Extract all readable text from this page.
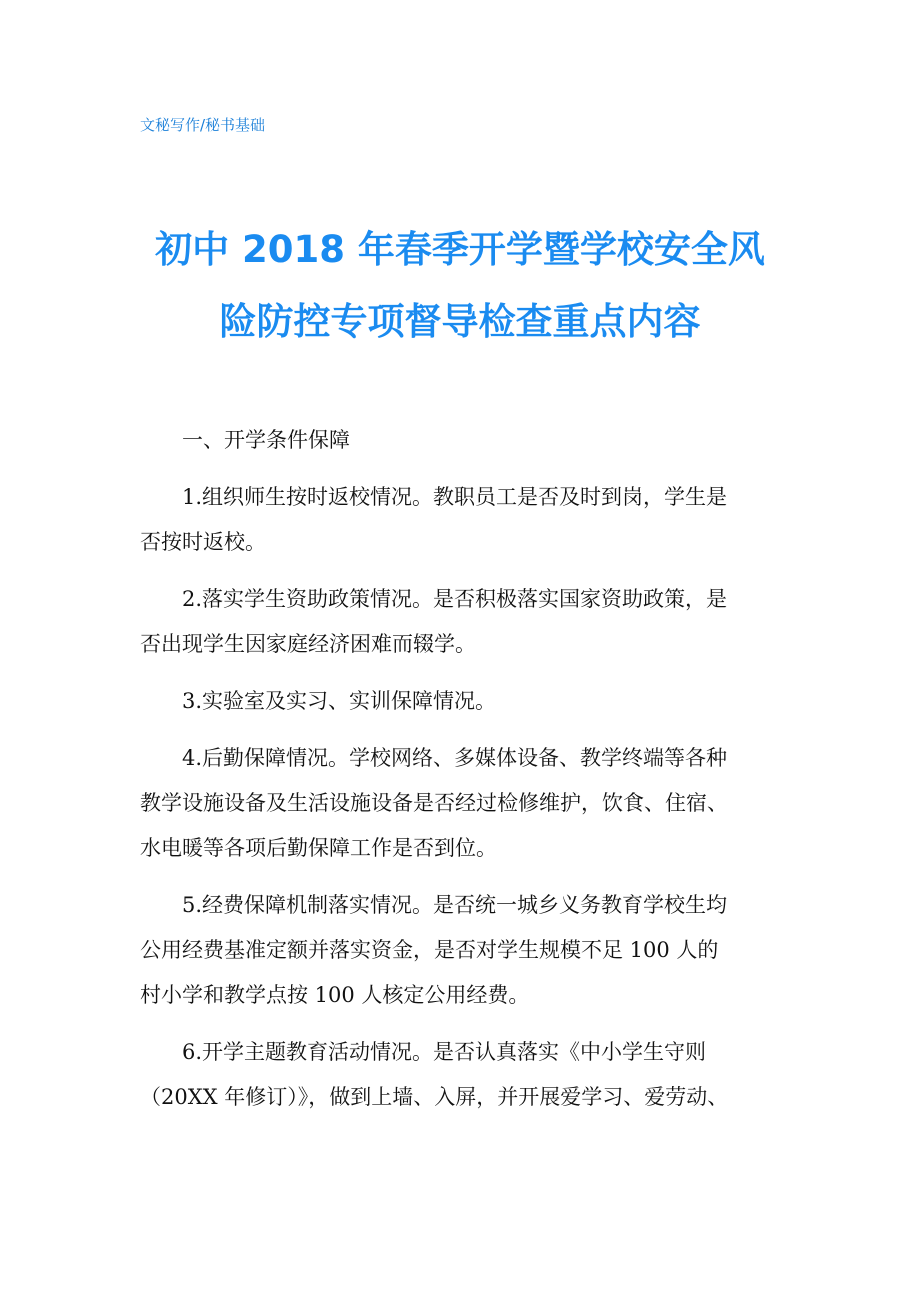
文秘写作/秘书基础
初中 2018 年春季开学暨学校安全风
险防控专项督导检查重点内容

一、开学条件保障

1.组织师生按时返校情况。教职员工是否及时到岗，学生是
否按时返校。

2.落实学生资助政策情况。是否积极落实国家资助政策，是
否出现学生因家庭经济困难而辍学。

3.实验室及实习、实训保障情况。

4.后勤保障情况。学校网络、多媒体设备、教学终端等各种
教学设施设备及生活设施设备是否经过检修维护，饮食、住宿、
水电暖等各项后勤保障工作是否到位。

5.经费保障机制落实情况。是否统一城乡义务教育学校生均
公用经费基准定额并落实资金，是否对学生规模不足 100 人的
村小学和教学点按 100 人核定公用经费。

6.开学主题教育活动情况。是否认真落实《中小学生守则
（20XX 年修订）》，做到上墙、入屏，并开展爱学习、爱劳动、
